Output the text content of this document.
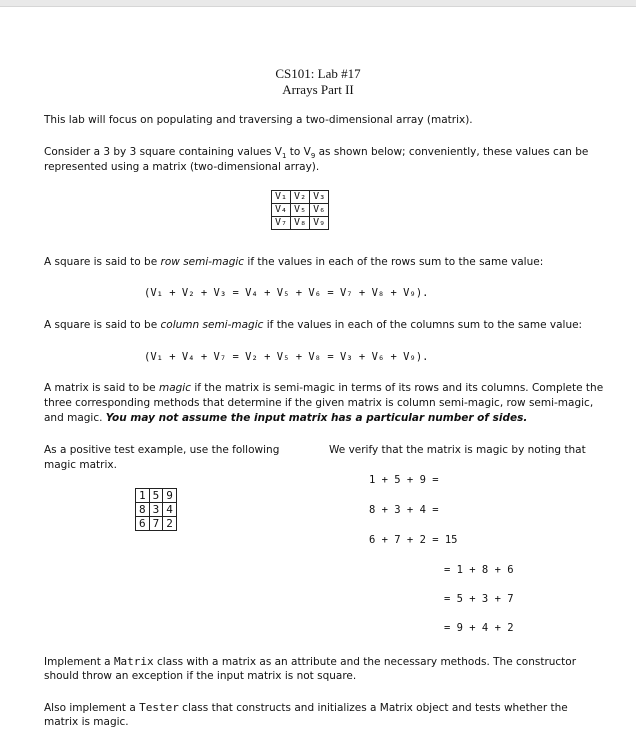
CS101: Lab #17
Arrays Part II
This lab will focus on populating and traversing a two-dimensional array (matrix).
Consider a 3 by 3 square containing values $V_1$ to $V_9$ as shown below; conveniently, these values can be
represented using a matrix (two-dimensional array).
V₁	V₂	V₃
V₄	V₅	V₆
V₇	V₈	V₉
A square is said to be row semi-magic if the values in each of the rows sum to the same value:
(V₁ + V₂ + V₃ = V₄ + V₅ + V₆ = V₇ + V₈ + V₉).
A square is said to be column semi-magic if the values in each of the columns sum to the same value:
(V₁ + V₄ + V₇ = V₂ + V₅ + V₈ = V₃ + V₆ + V₉).
A matrix is said to be magic if the matrix is semi-magic in terms of its rows and its columns. Complete the
three corresponding methods that determine if the given matrix is column semi-magic, row semi-magic,
and magic. You may not assume the input matrix has a particular number of sides.
As a positive test example, use the following
magic matrix.
We verify that the matrix is magic by noting that
1	5	9
8	3	4
6	7	2
1 + 5 + 9 =
8 + 3 + 4 =
6 + 7 + 2 = 15
= 1 + 8 + 6
= 5 + 3 + 7
= 9 + 4 + 2
Implement a Matrix class with a matrix as an attribute and the necessary methods. The constructor
should throw an exception if the input matrix is not square.
Also implement a Tester class that constructs and initializes a Matrix object and tests whether the
matrix is magic.
